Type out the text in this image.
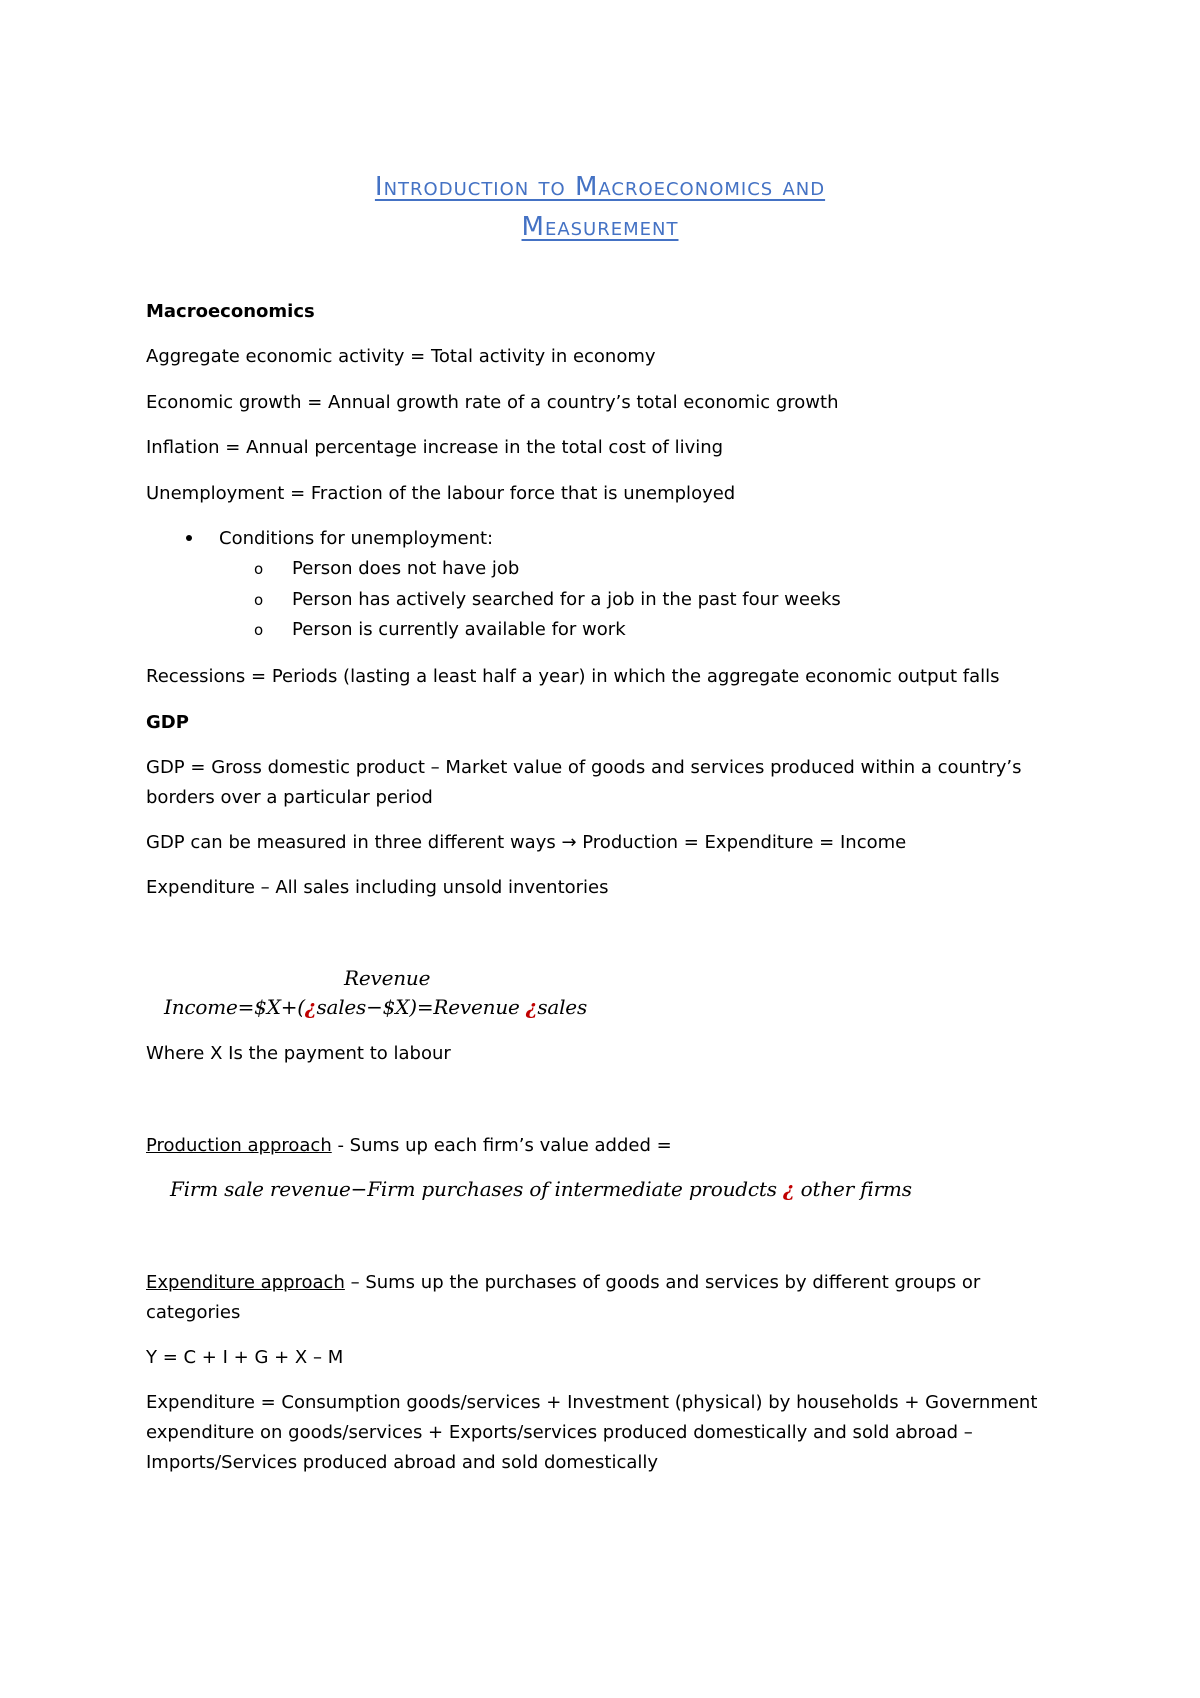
Introduction to Macroeconomics and
Measurement
Macroeconomics
Aggregate economic activity = Total activity in economy
Economic growth = Annual growth rate of a country’s total economic growth
Inflation = Annual percentage increase in the total cost of living
Unemployment = Fraction of the labour force that is unemployed
Conditions for unemployment:
o Person does not have job
o Person has actively searched for a job in the past four weeks
o Person is currently available for work
Recessions = Periods (lasting a least half a year) in which the aggregate economic output falls
GDP
GDP = Gross domestic product – Market value of goods and services produced within a country’s
borders over a particular period
GDP can be measured in three different ways → Production = Expenditure = Income
Expenditure – All sales including unsold inventories
Revenue
Income=$X+(¿sales−$X)=Revenue ¿sales
Where X Is the payment to labour
Production approach - Sums up each firm’s value added =
Firm sale revenue−Firm purchases of intermediate proudcts ¿ other firms
Expenditure approach – Sums up the purchases of goods and services by different groups or
categories
Y = C + I + G + X – M
Expenditure = Consumption goods/services + Investment (physical) by households + Government
expenditure on goods/services + Exports/services produced domestically and sold abroad –
Imports/Services produced abroad and sold domestically
